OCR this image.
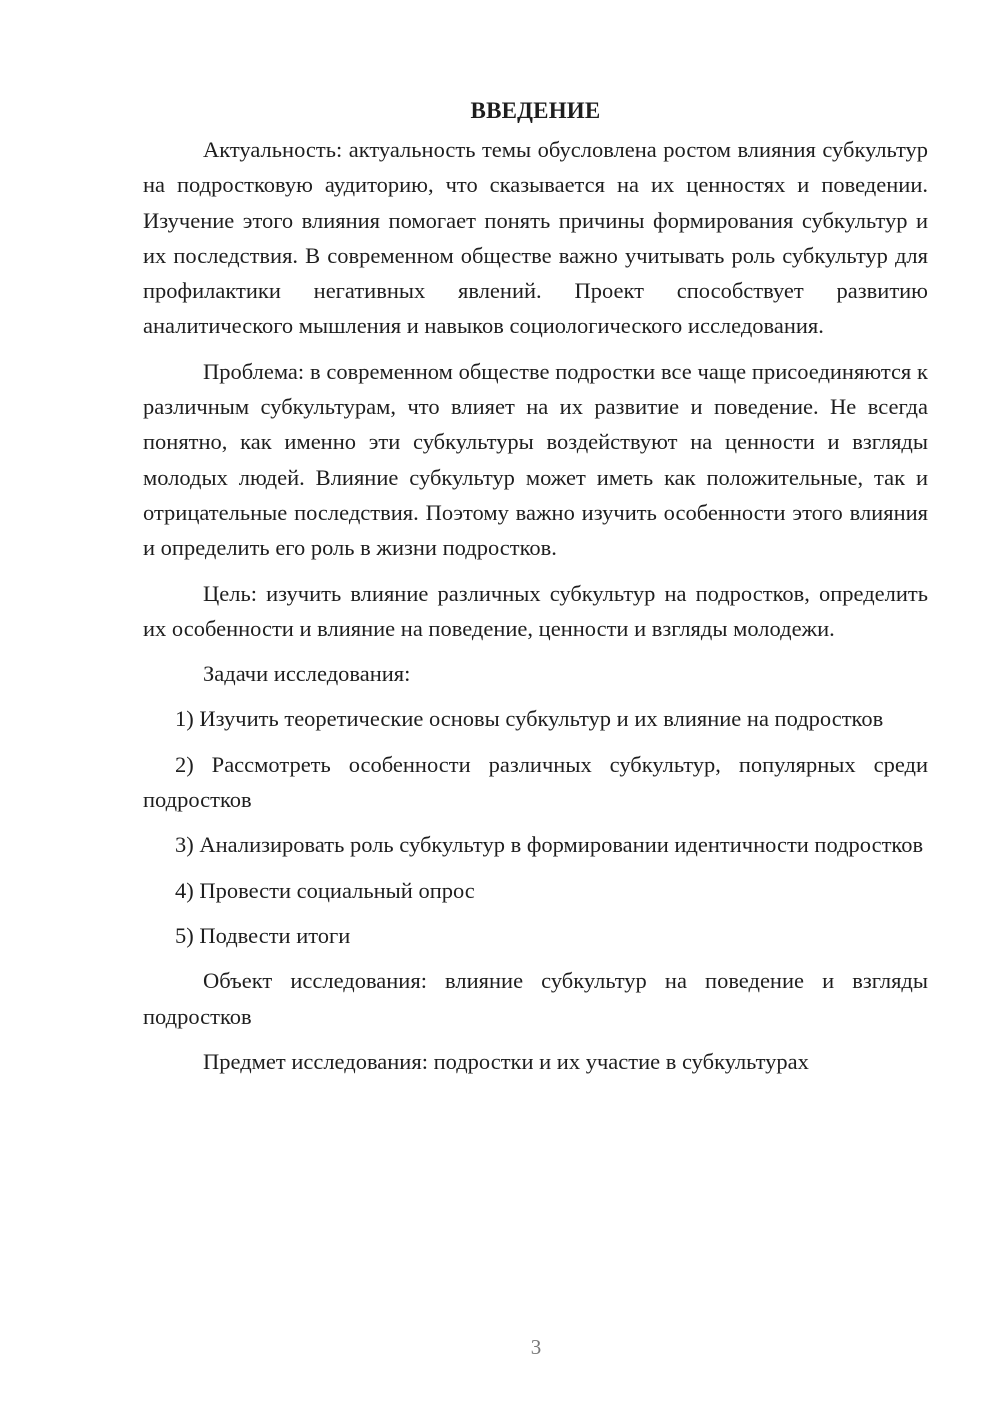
ВВЕДЕНИЕ

Актуальность: актуальность темы обусловлена ростом влияния субкультур на подростковую аудиторию, что сказывается на их ценностях и поведении. Изучение этого влияния помогает понять причины формирования субкультур и их последствия. В современном обществе важно учитывать роль субкультур для профилактики негативных явлений. Проект способствует развитию аналитического мышления и навыков социологического исследования.

Проблема: в современном обществе подростки все чаще присоединяются к различным субкультурам, что влияет на их развитие и поведение. Не всегда понятно, как именно эти субкультуры воздействуют на ценности и взгляды молодых людей. Влияние субкультур может иметь как положительные, так и отрицательные последствия. Поэтому важно изучить особенности этого влияния и определить его роль в жизни подростков.

Цель: изучить влияние различных субкультур на подростков, определить их особенности и влияние на поведение, ценности и взгляды молодежи.

Задачи исследования:

1) Изучить теоретические основы субкультур и их влияние на подростков

2) Рассмотреть особенности различных субкультур, популярных среди подростков

3) Анализировать роль субкультур в формировании идентичности подростков

4) Провести социальный опрос

5) Подвести итоги

Объект исследования: влияние субкультур на поведение и взгляды подростков

Предмет исследования: подростки и их участие в субкультурах

3
